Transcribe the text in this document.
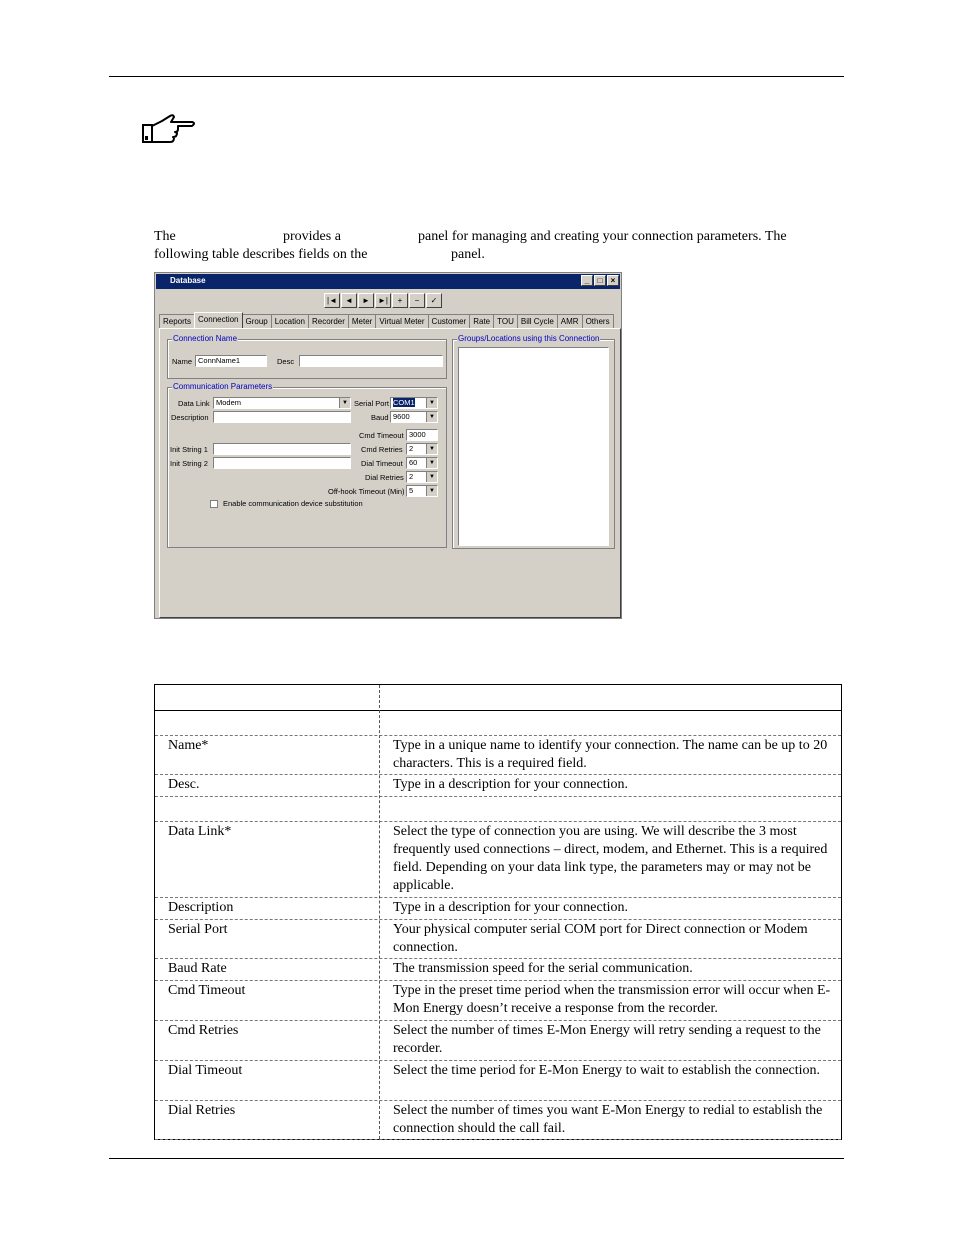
The	provides a	panel for managing and creating your connection parameters. The
following table describes fields on the	panel.
Database	_	□	×
|◄	◄	►	►|	+	−	✓
Reports Connection Group Location Recorder Meter Virtual Meter Customer Rate TOU Bill Cycle AMR Others
Connection Name
Name ConnName1	Desc
Groups/Locations using this Connection
Communication Parameters
Data Link Modem	▼
Description
Serial Port COM1	▼
Baud 9600	▼
Cmd Timeout 3000
Init String 1	Cmd Retries 2	▼
Init String 2	Dial Timeout 60	▼
Dial Retries 2	▼
Off-hook Timeout (Min) 5	▼
Enable communication device substitution
Name*	Type in a unique name to identify your connection. The name can be up to 20 characters. This is a required field.
Desc.	Type in a description for your connection.
Data Link*	Select the type of connection you are using. We will describe the 3 most frequently used connections – direct, modem, and Ethernet. This is a required field. Depending on your data link type, the parameters may or may not be applicable.
Description	Type in a description for your connection.
Serial Port	Your physical computer serial COM port for Direct connection or Modem connection.
Baud Rate	The transmission speed for the serial communication.
Cmd Timeout	Type in the preset time period when the transmission error will occur when E-Mon Energy doesn’t receive a response from the recorder.
Cmd Retries	Select the number of times E-Mon Energy will retry sending a request to the recorder.
Dial Timeout	Select the time period for E-Mon Energy to wait to establish the connection.
Dial Retries	Select the number of times you want E-Mon Energy to redial to establish the connection should the call fail.
